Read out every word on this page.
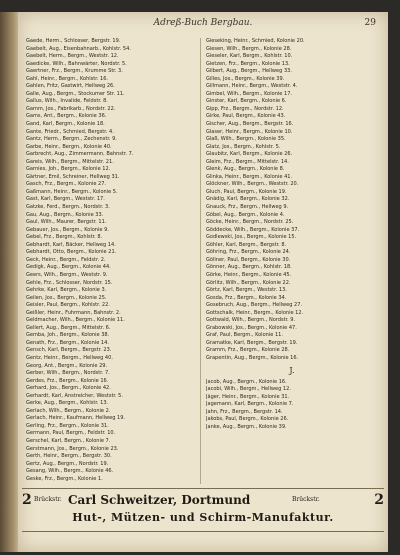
Adreß-Buch Bergbau.	29
Gaede, Herm., Schlosser, Bergstr. 19.
Gaebelt, Aug., Eisenbahnarb., Kohlstr. 54.
Gaebelt, Herm., Bergm., Weststr. 12.
Gaedicke, Wilh., Bahnwärter, Nordstr. 5.
Gaertner, Frz., Bergm., Krumme Str. 3.
Gahl, Heinr., Bergm., Kohlstr. 16.
Gahlen, Fritz, Gastwirt, Hellweg 26.
Galle, Aug., Bergm., Stockumer Str. 11.
Gallus, Wilh., Invalide, Feldstr. 8.
Gamm, Jos., Fabrikarb., Nordstr. 22.
Gams, Ant., Bergm., Kolonie 36.
Gand, Karl, Bergm., Kolonie 18.
Gante, Friedr., Schmied, Bergstr. 4.
Gantz, Herm., Bergm., Zechenstr. 9.
Garbe, Heinr., Bergm., Kolonie 40.
Garbrecht, Aug., Zimmermann, Bahnstr. 7.
Gareis, Wilh., Bergm., Mittelstr. 21.
Garnies, Joh., Bergm., Kolonie 12.
Gärtner, Emil, Schreiner, Hellweg 31.
Gasch, Frz., Bergm., Kolonie 27.
Gaßmann, Heinr., Bergm., Kolonie 5.
Gast, Karl, Bergm., Weststr. 17.
Gatzke, Ferd., Bergm., Nordstr. 3.
Gau, Aug., Bergm., Kolonie 33.
Gaul, Wilh., Maurer, Bergstr. 11.
Gebauer, Jos., Bergm., Kolonie 9.
Gebel, Frz., Bergm., Kohlstr. 8.
Gebhardt, Karl, Bäcker, Hellweg 14.
Gebhardt, Otto, Bergm., Kolonie 21.
Geck, Heinr., Bergm., Feldstr. 2.
Gedigk, Aug., Bergm., Kolonie 44.
Geers, Wilh., Bergm., Weststr. 9.
Gehle, Frz., Schlosser, Nordstr. 15.
Gehrke, Karl, Bergm., Kolonie 3.
Geilen, Jos., Bergm., Kolonie 25.
Geisler, Paul, Bergm., Kohlstr. 22.
Geißler, Heinr., Fuhrmann, Bahnstr. 2.
Geldmacher, Wilh., Bergm., Kolonie 11.
Gellert, Aug., Bergm., Mittelstr. 6.
Gemba, Joh., Bergm., Kolonie 38.
Genath, Frz., Bergm., Kolonie 14.
Gensch, Karl, Bergm., Bergstr. 23.
Gentz, Heinr., Bergm., Hellweg 40.
Georg, Ant., Bergm., Kolonie 29.
Gerber, Wilh., Bergm., Nordstr. 7.
Gerdes, Frz., Bergm., Kolonie 16.
Gerhard, Jos., Bergm., Kolonie 42.
Gerhardt, Karl, Anstreicher, Weststr. 5.
Gerke, Aug., Bergm., Kohlstr. 13.
Gerlach, Wilh., Bergm., Kolonie 2.
Gerlach, Heinr., Kaufmann, Hellweg 19.
Gerling, Frz., Bergm., Kolonie 31.
Germann, Paul, Bergm., Feldstr. 10.
Gerschel, Karl, Bergm., Kolonie 7.
Gerstmann, Jos., Bergm., Kolonie 23.
Gerth, Heinr., Bergm., Bergstr. 30.
Gertz, Aug., Bergm., Nordstr. 19.
Gesang, Wilh., Bergm., Kolonie 46.
Geske, Frz., Bergm., Kolonie 1.
Gieseking, Heinr., Schmied, Kolonie 20.
Giesen, Wilh., Bergm., Kolonie 28.
Gieseler, Karl, Bergm., Kohlstr. 10.
Gietzen, Frz., Bergm., Kolonie 13.
Gilbert, Aug., Bergm., Hellweg 33.
Gilles, Jos., Bergm., Kolonie 39.
Gillmann, Heinr., Bergm., Weststr. 4.
Gimbel, Wilh., Bergm., Kolonie 17.
Ginster, Karl, Bergm., Kolonie 6.
Gipp, Frz., Bergm., Nordstr. 12.
Girke, Paul, Bergm., Kolonie 43.
Gischer, Aug., Bergm., Bergstr. 16.
Glaser, Heinr., Bergm., Kolonie 10.
Glaß, Wilh., Bergm., Kolonie 35.
Glatz, Jos., Bergm., Kohlstr. 5.
Glaubitz, Karl, Bergm., Kolonie 26.
Gleim, Frz., Bergm., Mittelstr. 14.
Glenk, Aug., Bergm., Kolonie 8.
Glinka, Heinr., Bergm., Kolonie 41.
Glöckner, Wilh., Bergm., Weststr. 20.
Gluch, Paul, Bergm., Kolonie 19.
Gnädig, Karl, Bergm., Kolonie 32.
Gnauck, Frz., Bergm., Hellweg 9.
Göbel, Aug., Bergm., Kolonie 4.
Göcke, Heinr., Bergm., Nordstr. 25.
Göddecke, Wilh., Bergm., Kolonie 37.
Godlewski, Jos., Bergm., Kolonie 15.
Göhler, Karl, Bergm., Bergstr. 8.
Göhring, Frz., Bergm., Kolonie 24.
Göllner, Paul, Bergm., Kolonie 30.
Gönner, Aug., Bergm., Kohlstr. 18.
Görke, Heinr., Bergm., Kolonie 45.
Görlitz, Wilh., Bergm., Kolonie 22.
Görtz, Karl, Bergm., Weststr. 13.
Gosda, Frz., Bergm., Kolonie 34.
Gosebruch, Aug., Bergm., Hellweg 27.
Gottschalk, Heinr., Bergm., Kolonie 12.
Gottwald, Wilh., Bergm., Nordstr. 9.
Grabowski, Jos., Bergm., Kolonie 47.
Graf, Paul, Bergm., Kolonie 11.
Gramatke, Karl, Bergm., Bergstr. 19.
Gramm, Frz., Bergm., Kolonie 28.
Grapentin, Aug., Bergm., Kolonie 16.
J.
Jacob, Aug., Bergm., Kolonie 16.
Jacobi, Wilh., Bergm., Hellweg 12.
Jäger, Heinr., Bergm., Kolonie 31.
Jagemann, Karl, Bergm., Kolonie 7.
Jahn, Frz., Bergm., Bergstr. 14.
Jakobs, Paul, Bergm., Kolonie 26.
Janke, Aug., Bergm., Kolonie 39.
2 Brückstr. Carl Schweitzer, Dortmund	Brückstr.	2
Hut-, Mützen- und Schirm-Manufaktur.
